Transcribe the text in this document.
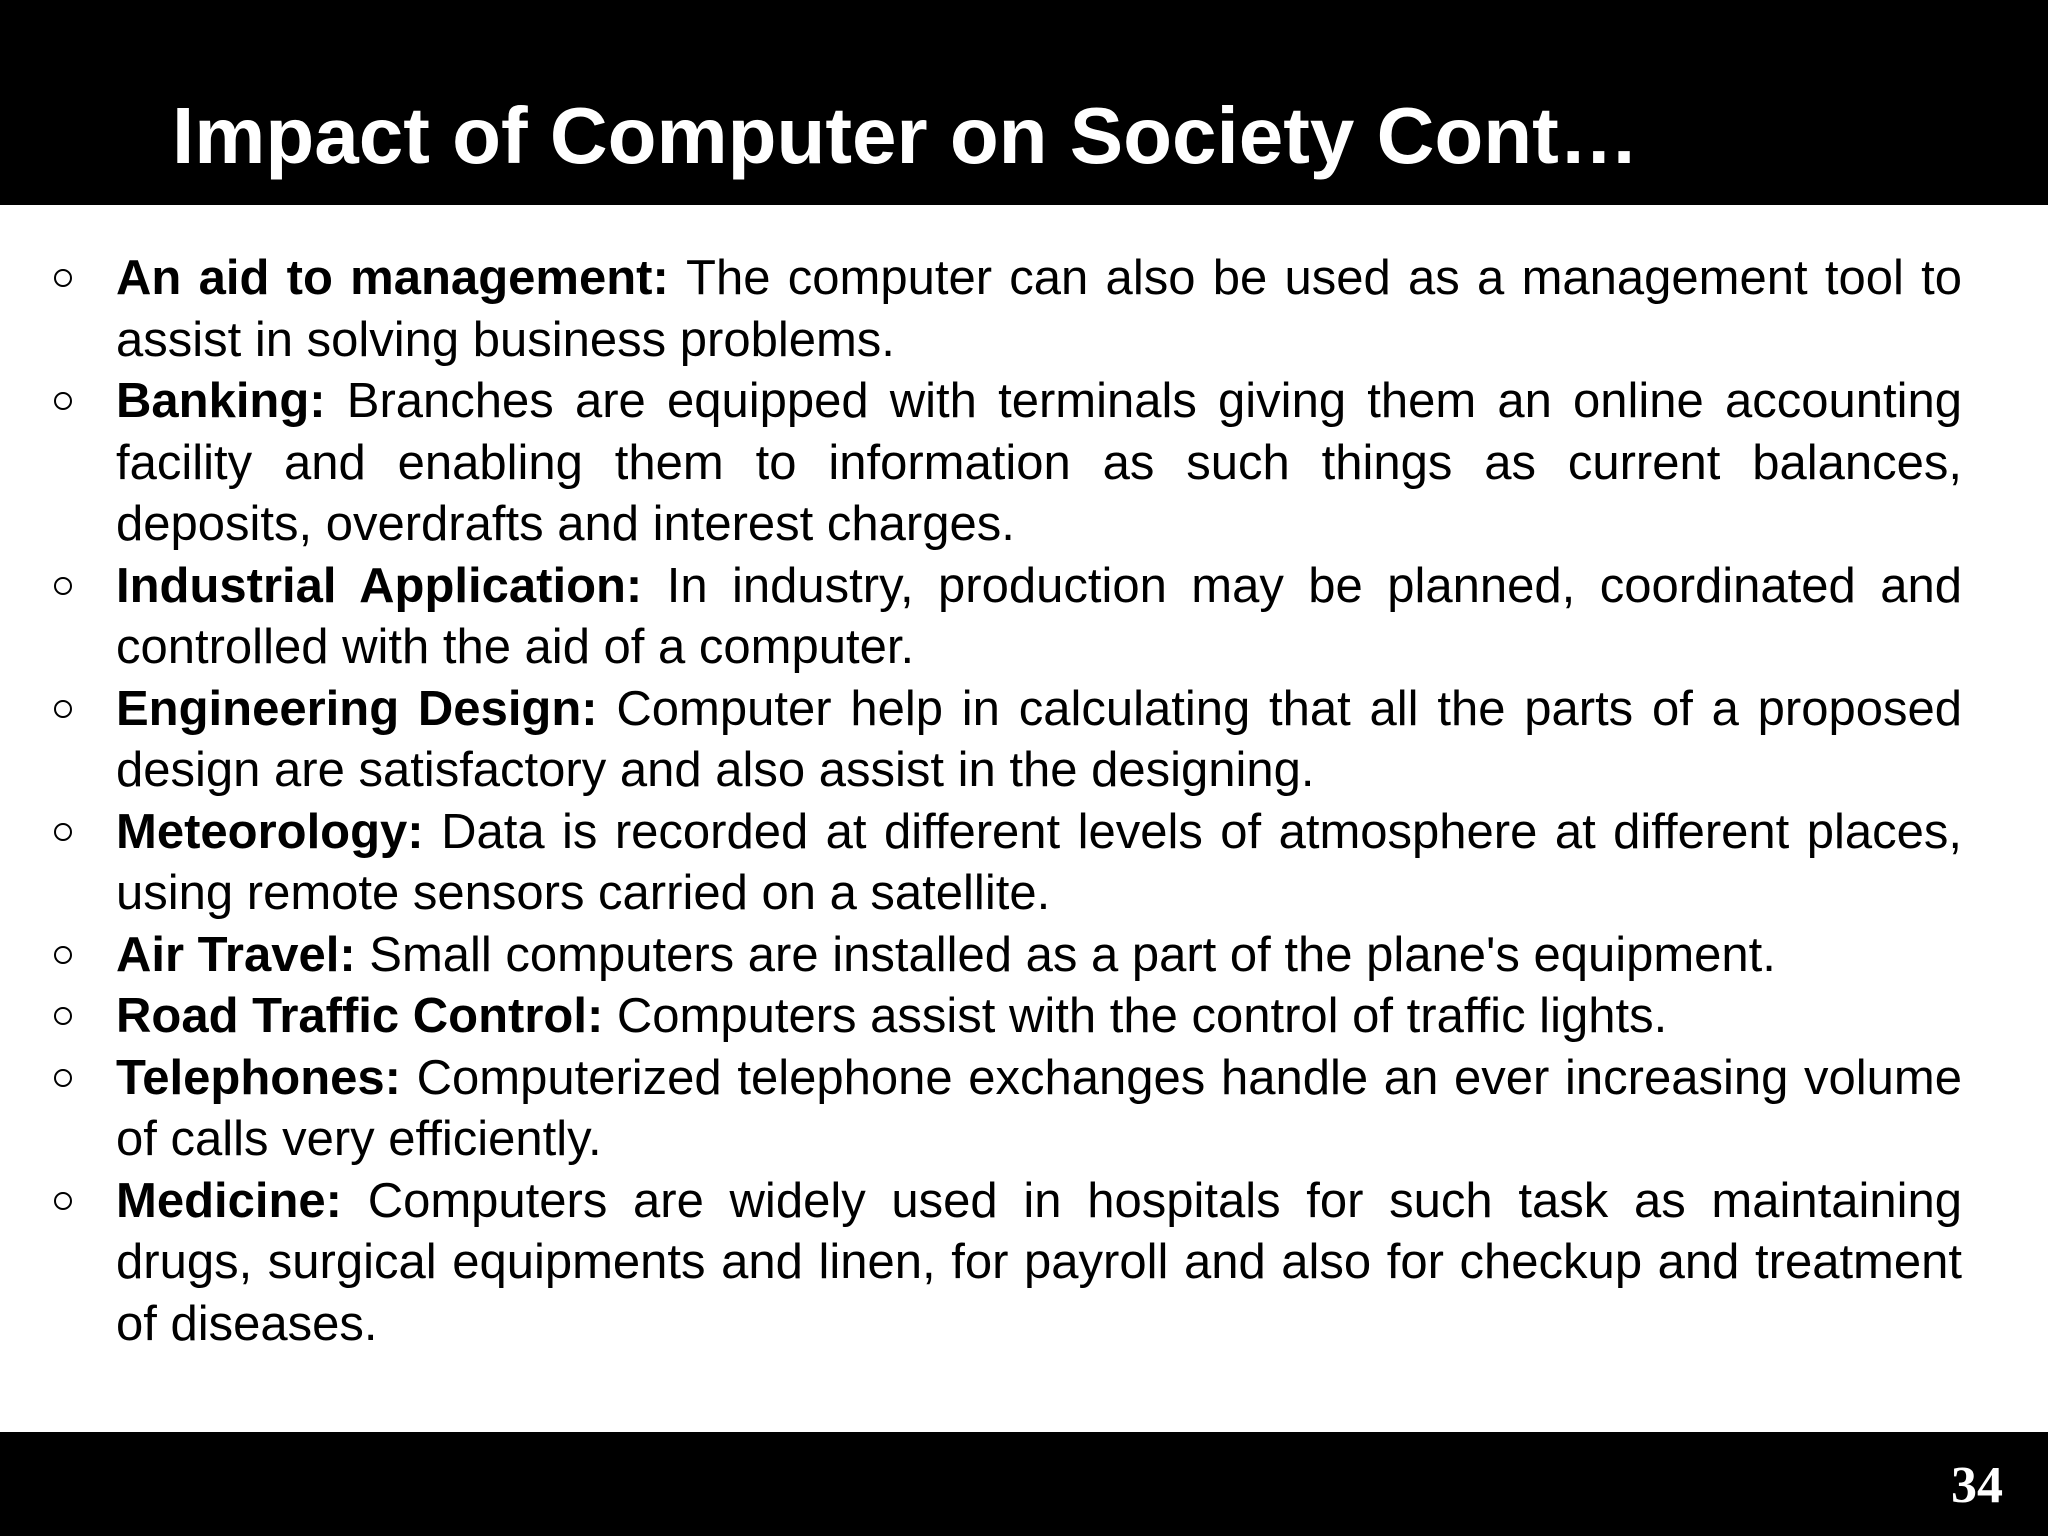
Impact of Computer on Society Cont…
An aid to management: The computer can also be used as a management tool to assist in solving business problems.
Banking: Branches are equipped with terminals giving them an online accounting facility and enabling them to information as such things as current balances, deposits, overdrafts and interest charges.
Industrial Application: In industry, production may be planned, coordinated and controlled with the aid of a computer.
Engineering Design: Computer help in calculating that all the parts of a proposed design are satisfactory and also assist in the designing.
Meteorology: Data is recorded at different levels of atmosphere at different places, using remote sensors carried on a satellite.
Air Travel: Small computers are installed as a part of the plane's equipment.
Road Traffic Control: Computers assist with the control of traffic lights.
Telephones: Computerized telephone exchanges handle an ever increasing volume of calls very efficiently.
Medicine: Computers are widely used in hospitals for such task as maintaining drugs, surgical equipments and linen, for payroll and also for checkup and treatment of diseases.
34
